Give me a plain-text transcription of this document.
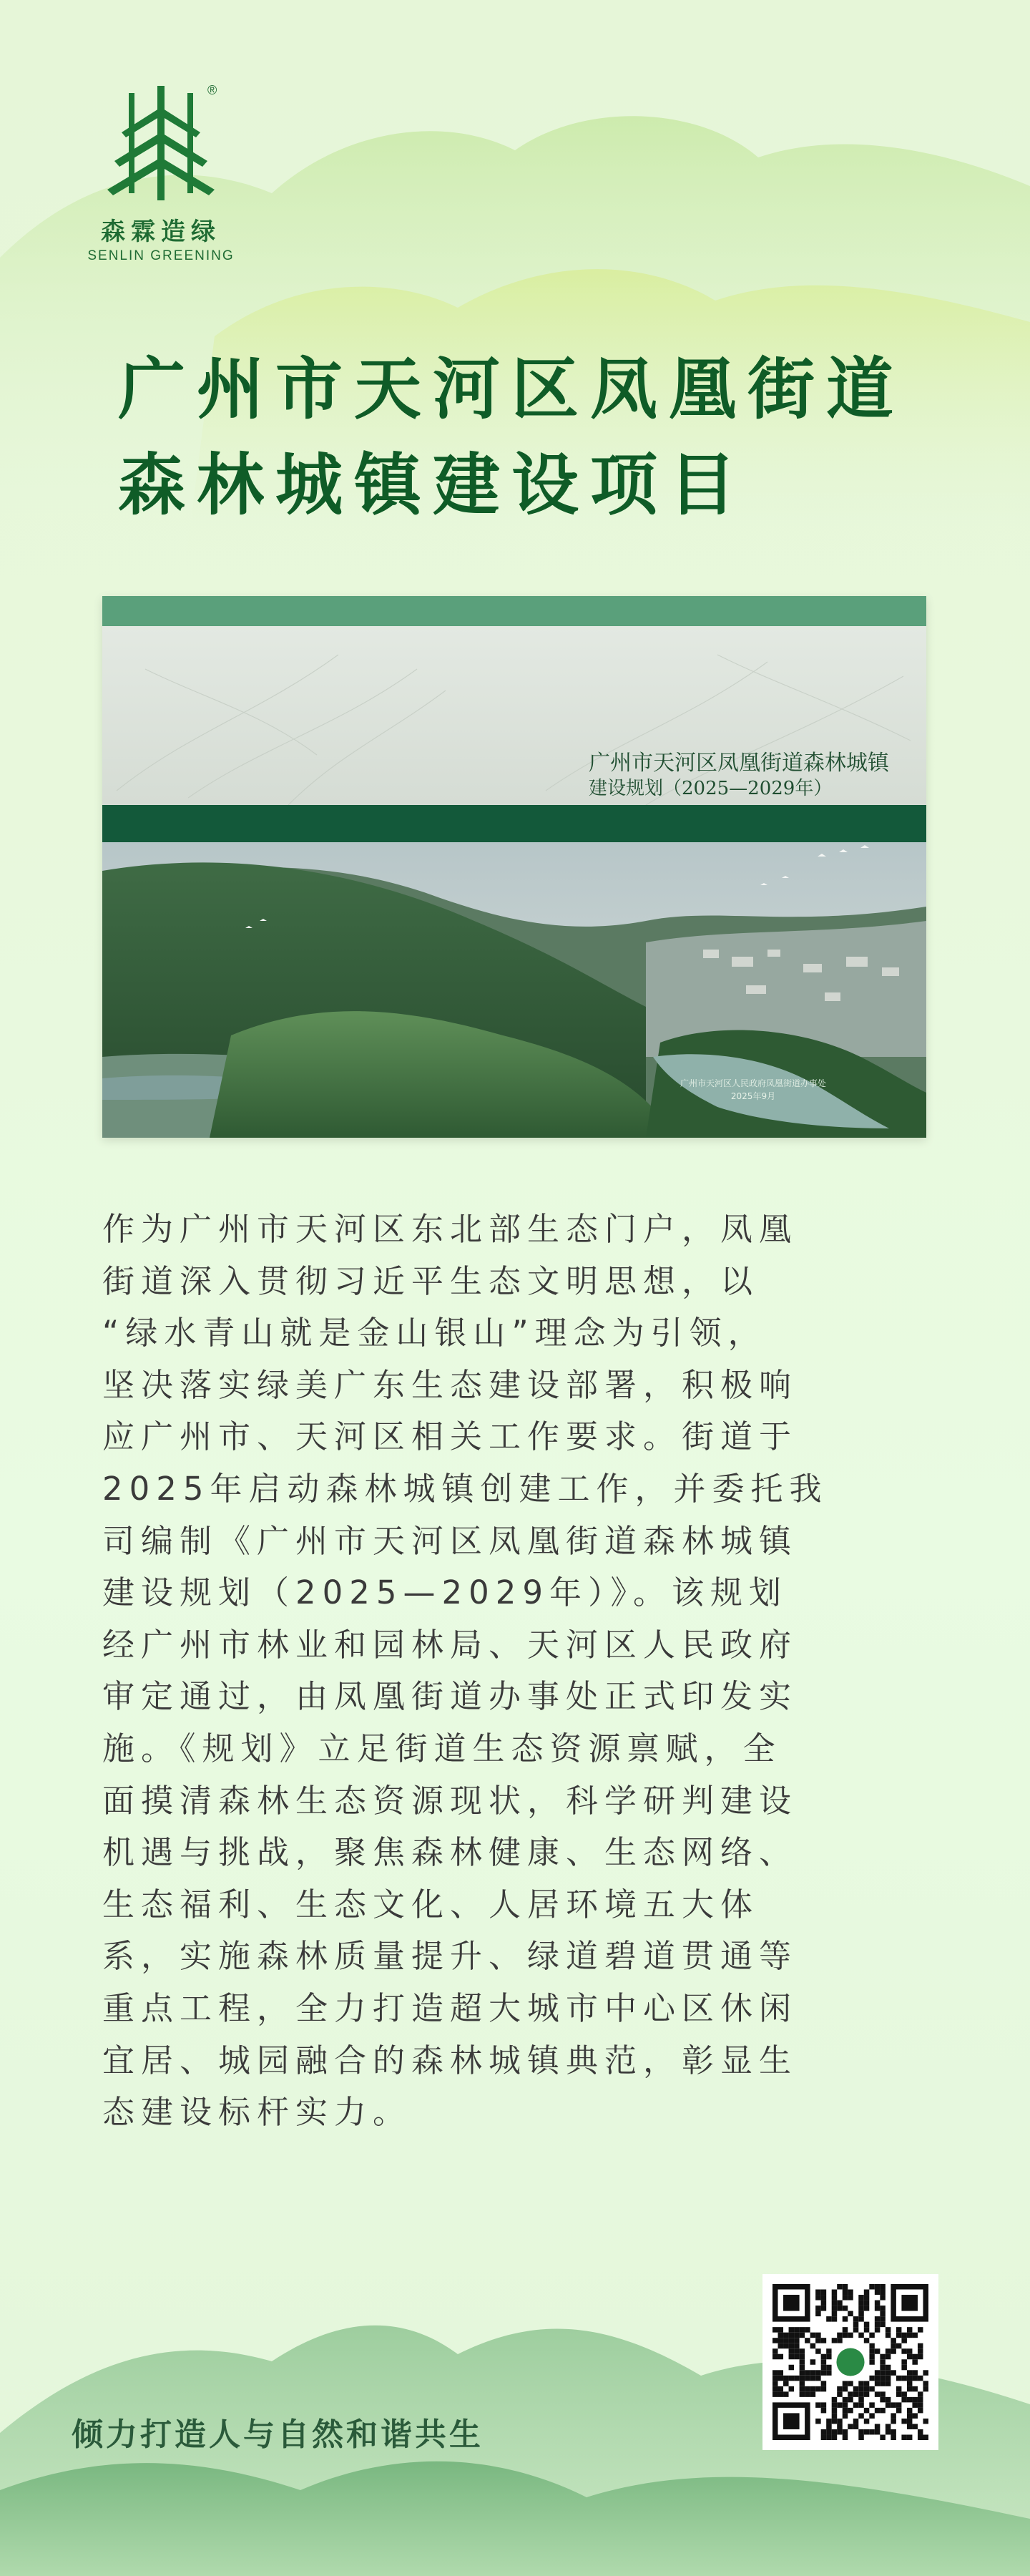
®
森霖造绿
SENLIN GREENING
广州市天河区凤凰街道
森林城镇建设项目
广州市天河区凤凰街道森林城镇
建设规划（2025—2029年）
广州市天河区人民政府凤凰街道办事处
2025年9月
作为广州市天河区东北部生态门户，凤凰
街道深入贯彻习近平生态文明思想，以
“绿水青山就是金山银山”理念为引领，
坚决落实绿美广东生态建设部署，积极响
应广州市、天河区相关工作要求。街道于
2025年启动森林城镇创建工作，并委托我
司编制《广州市天河区凤凰街道森林城镇
建设规划（2025—2029年）》。该规划
经广州市林业和园林局、天河区人民政府
审定通过，由凤凰街道办事处正式印发实
施。《规划》立足街道生态资源禀赋，全
面摸清森林生态资源现状，科学研判建设
机遇与挑战，聚焦森林健康、生态网络、
生态福利、生态文化、人居环境五大体
系，实施森林质量提升、绿道碧道贯通等
重点工程，全力打造超大城市中心区休闲
宜居、城园融合的森林城镇典范，彰显生
态建设标杆实力。
倾力打造人与自然和谐共生
